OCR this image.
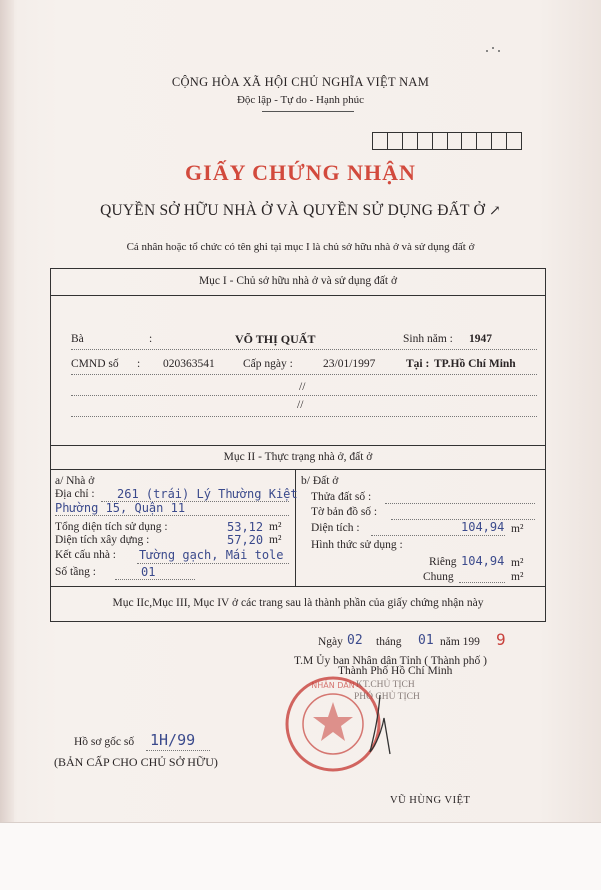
CỘNG HÒA XÃ HỘI CHỦ NGHĨA VIỆT NAM
Độc lập - Tự do - Hạnh phúc
GIẤY CHỨNG NHẬN
QUYỀN SỞ HỮU NHÀ Ở VÀ QUYỀN SỬ DỤNG ĐẤT Ở ↗
Cá nhân hoặc tổ chức có tên ghi tại mục I là chủ sở hữu nhà ở và sử dụng đất ở
Mục I - Chủ sở hữu nhà ở và sử dụng đất ở
Bà	:	VÕ THỊ QUẤT	Sinh năm : 1947
CMND số : 020363541 Cấp ngày :	23/01/1997	Tại : TP.Hồ Chí Minh
//
//
Mục II - Thực trạng nhà ở, đất ở
a/ Nhà ở
Địa chỉ : 261 (trái) Lý Thường Kiệt
Phường 15, Quận 11
Tổng diện tích sử dụng :	53,12 m²
Diện tích xây dựng :	57,20 m²
Kết cấu nhà : Tường gạch, Mái tole
Số tầng :	01
b/ Đất ở
Thửa đất số :
Tờ bản đồ số :
Diện tích :	104,94 m²
Hình thức sử dụng :
Riêng 104,94 m²
Chung	m²
Mục IIc,Mục III, Mục IV ở các trang sau là thành phần của giấy chứng nhận này
Ngày 02 tháng 01 năm 199 9
T.M Ủy ban Nhân dân Tỉnh ( Thành phố )
Thành Phố Hồ Chí Minh
KT.CHỦ TỊCH
PHÓ CHỦ TỊCH
NHÂN DÂN
Hồ sơ gốc số 1H/99
(BẢN CẤP CHO CHỦ SỞ HỮU)
VŨ HÙNG VIỆT
